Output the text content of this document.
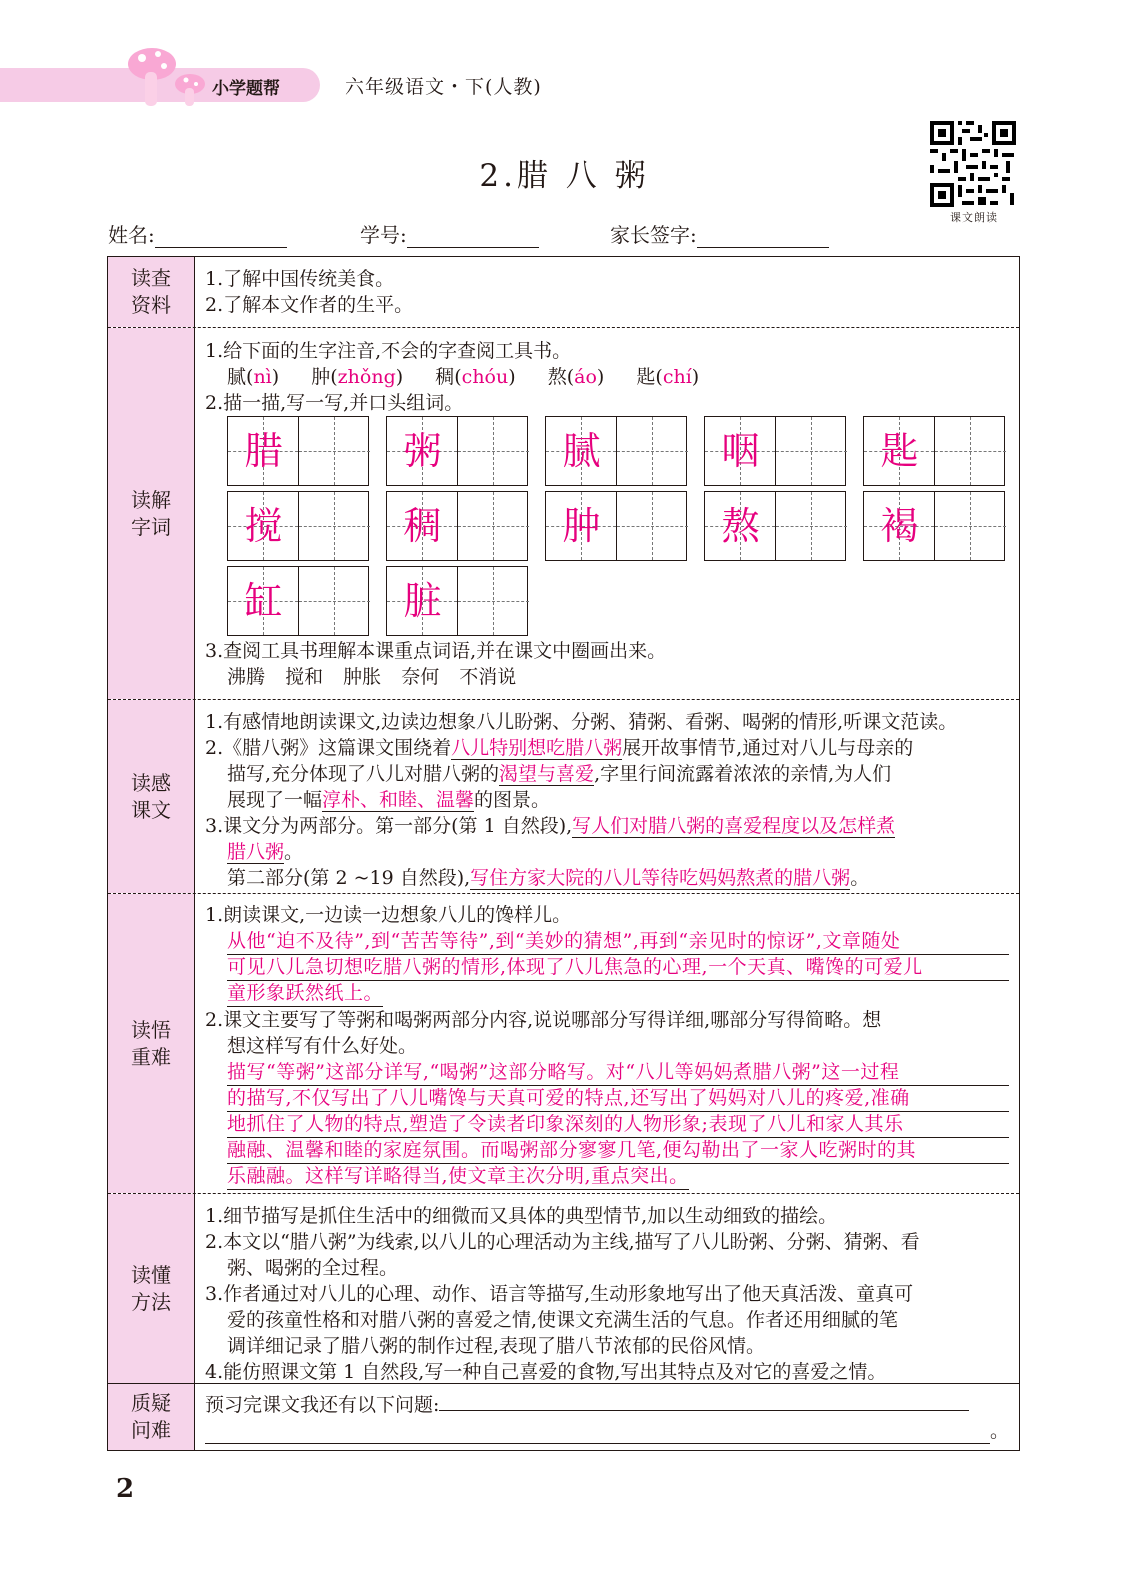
小学题帮	六年级语文・下(人教)
2.腊 八 粥
课文朗读
姓名:	学号:	家长签字:
读查
资料
1.了解中国传统美食。
2.了解本文作者的生平。
读解
字词
1.给下面的生字注音,不会的字查阅工具书。
腻(nì) 肿(zhǒng) 稠(chóu) 熬(áo) 匙(chí)
2.描一描,写一写,并口头组词。
腊	粥	腻	咽	匙
搅	稠	肿	熬	褐
缸	脏
3.查阅工具书理解本课重点词语,并在课文中圈画出来。
沸腾 搅和 肿胀 奈何 不消说
读感
课文
1.有感情地朗读课文,边读边想象八儿盼粥、分粥、猜粥、看粥、喝粥的情形,听课文范读。
2.《腊八粥》这篇课文围绕着八儿特别想吃腊八粥展开故事情节,通过对八儿与母亲的
描写,充分体现了八儿对腊八粥的渴望与喜爱,字里行间流露着浓浓的亲情,为人们
展现了一幅淳朴、和睦、温馨的图景。
3.课文分为两部分。第一部分(第 1 自然段),写人们对腊八粥的喜爱程度以及怎样煮
腊八粥。
第二部分(第 2 ~19 自然段),写住方家大院的八儿等待吃妈妈熬煮的腊八粥。
读悟
重难
1.朗读课文,一边读一边想象八儿的馋样儿。
从他“迫不及待”,到“苦苦等待”,到“美妙的猜想”,再到“亲见时的惊讶”,文章随处
可见八儿急切想吃腊八粥的情形,体现了八儿焦急的心理,一个天真、嘴馋的可爱儿
童形象跃然纸上。
2.课文主要写了等粥和喝粥两部分内容,说说哪部分写得详细,哪部分写得简略。想
想这样写有什么好处。
描写“等粥”这部分详写,“喝粥”这部分略写。对“八儿等妈妈煮腊八粥”这一过程
的描写,不仅写出了八儿嘴馋与天真可爱的特点,还写出了妈妈对八儿的疼爱,准确
地抓住了人物的特点,塑造了令读者印象深刻的人物形象;表现了八儿和家人其乐
融融、温馨和睦的家庭氛围。而喝粥部分寥寥几笔,便勾勒出了一家人吃粥时的其
乐融融。这样写详略得当,使文章主次分明,重点突出。
读懂
方法
1.细节描写是抓住生活中的细微而又具体的典型情节,加以生动细致的描绘。
2.本文以“腊八粥”为线索,以八儿的心理活动为主线,描写了八儿盼粥、分粥、猜粥、看
粥、喝粥的全过程。
3.作者通过对八儿的心理、动作、语言等描写,生动形象地写出了他天真活泼、童真可
爱的孩童性格和对腊八粥的喜爱之情,使课文充满生活的气息。作者还用细腻的笔
调详细记录了腊八粥的制作过程,表现了腊八节浓郁的民俗风情。
4.能仿照课文第 1 自然段,写一种自己喜爱的食物,写出其特点及对它的喜爱之情。
质疑
问难
预习完课文我还有以下问题:
。
2
